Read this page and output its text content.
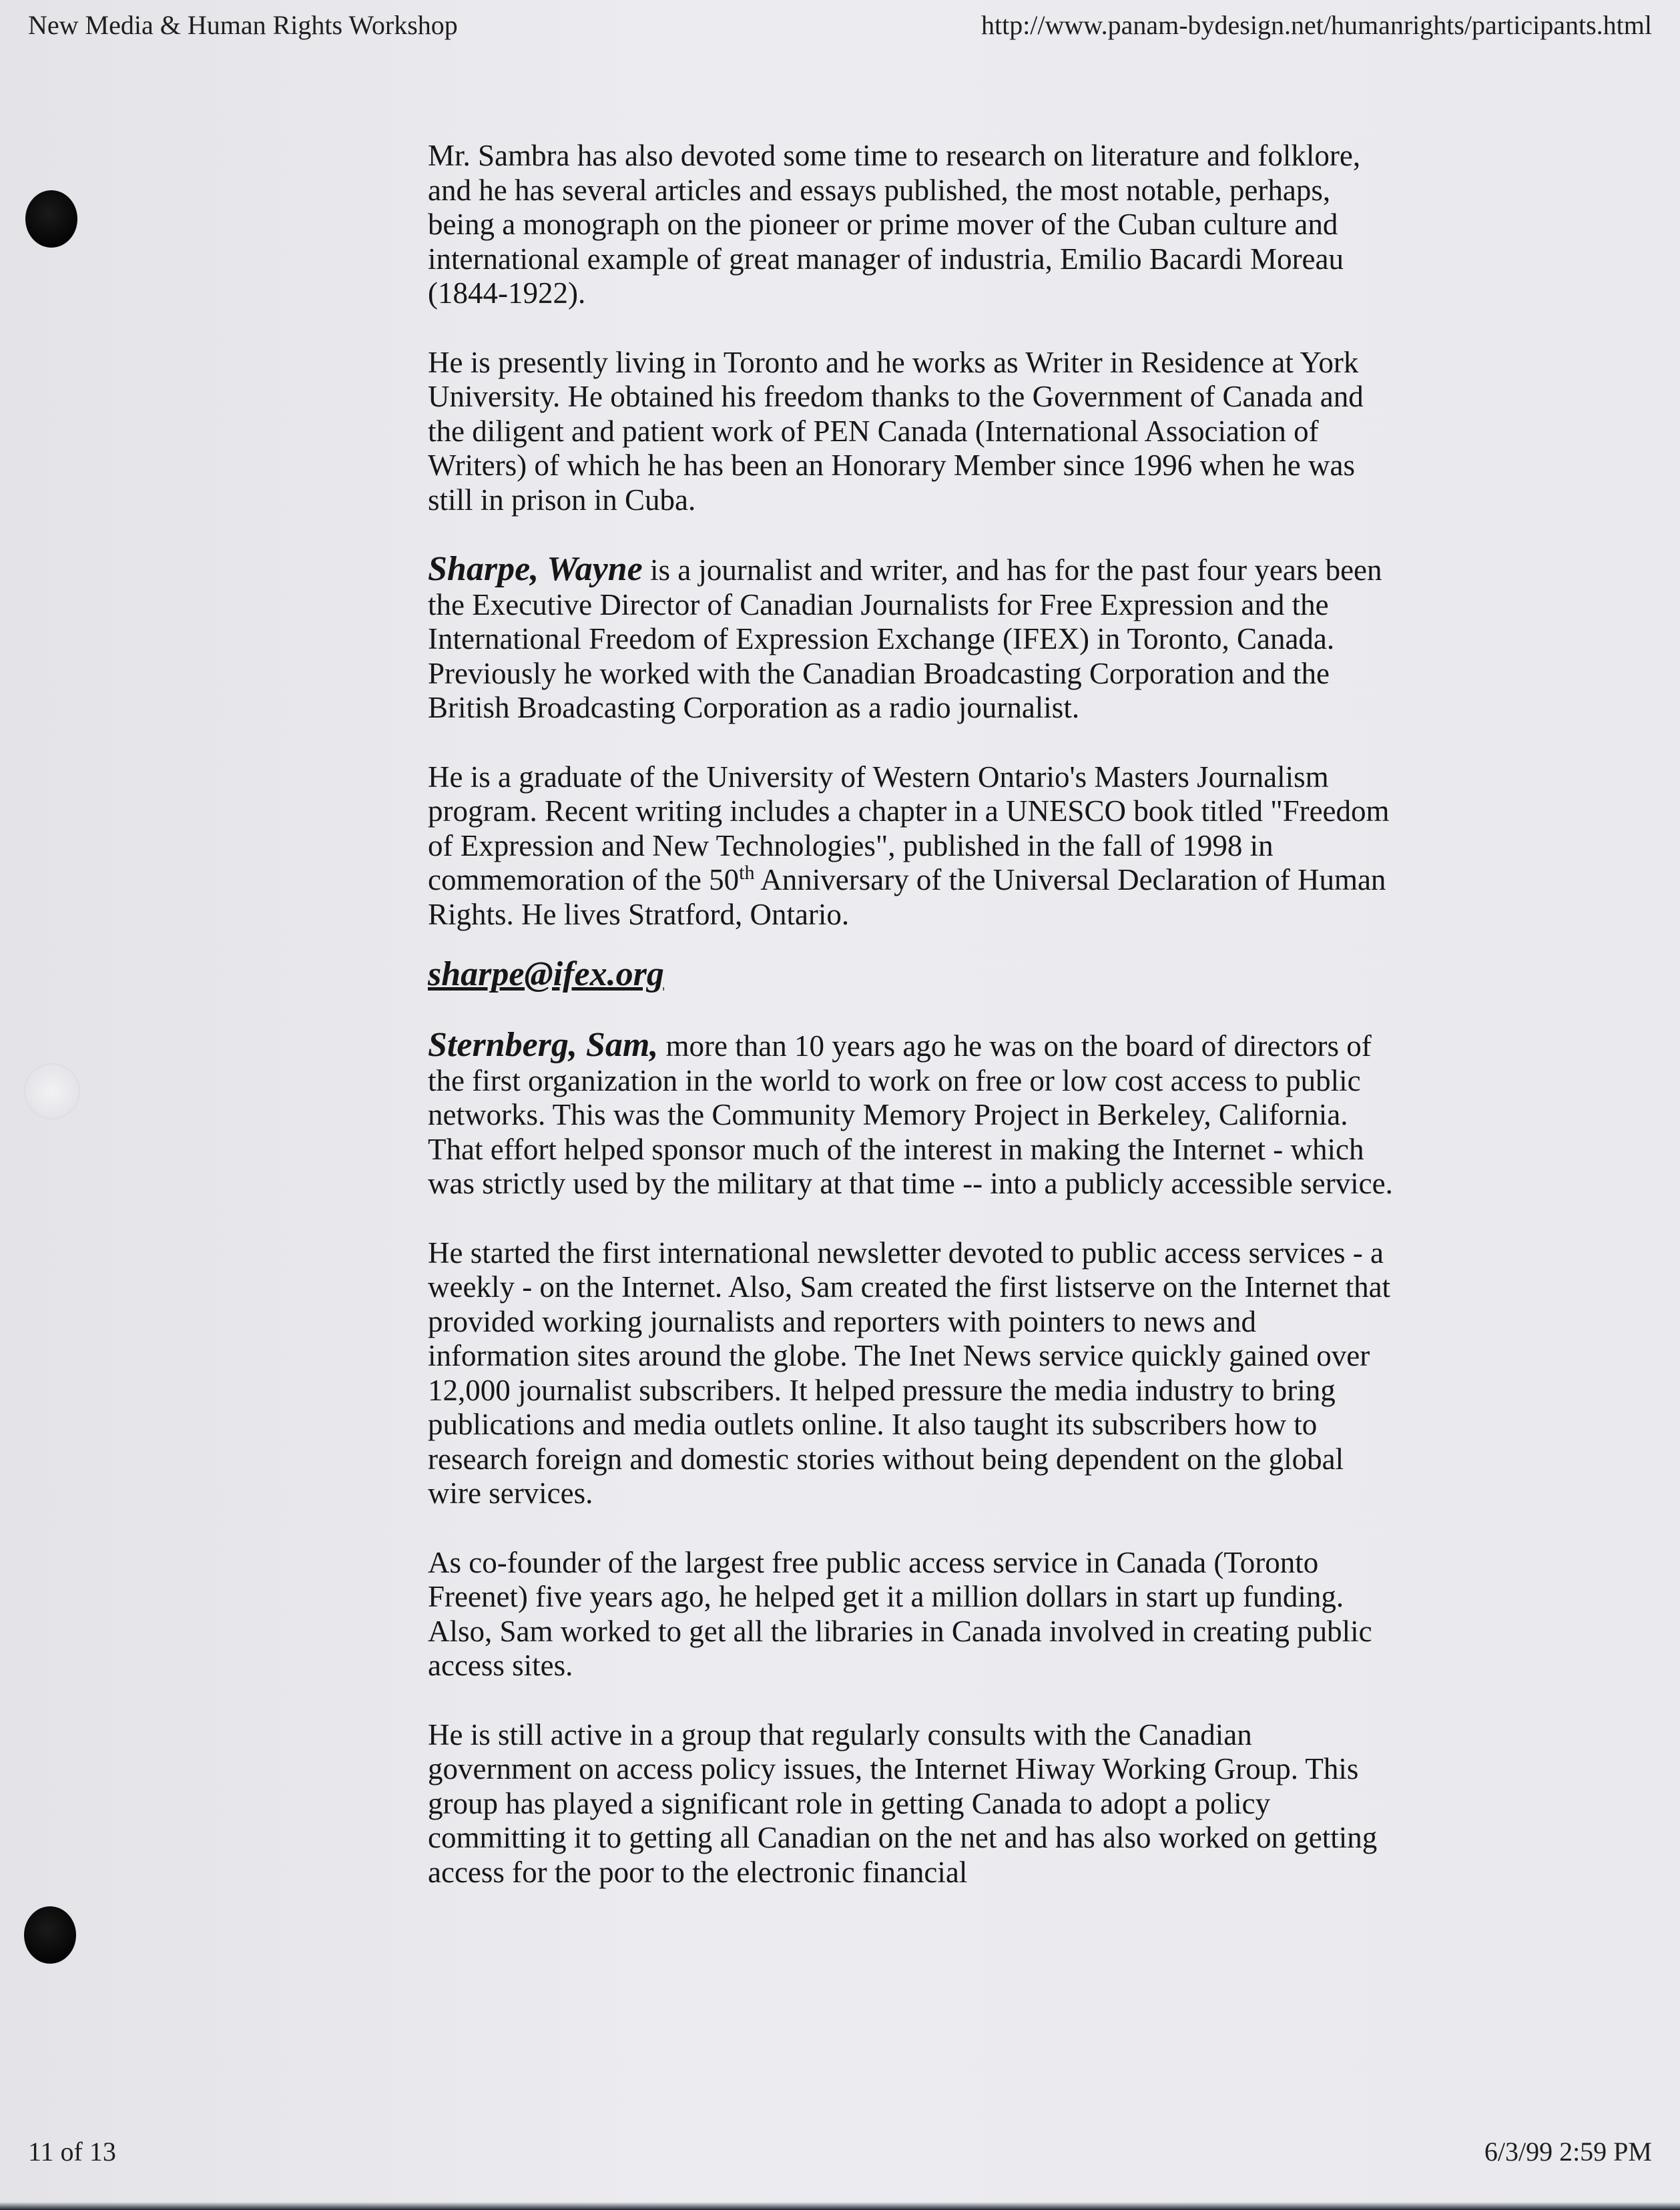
New Media & Human Rights Workshop	http://www.panam-bydesign.net/humanrights/participants.html

Mr. Sambra has also devoted some time to research on literature and folklore, and he has several articles and essays published, the most notable, perhaps, being a monograph on the pioneer or prime mover of the Cuban culture and international example of great manager of industria, Emilio Bacardi Moreau (1844-1922).

He is presently living in Toronto and he works as Writer in Residence at York University. He obtained his freedom thanks to the Government of Canada and the diligent and patient work of PEN Canada (International Association of Writers) of which he has been an Honorary Member since 1996 when he was still in prison in Cuba.

Sharpe, Wayne is a journalist and writer, and has for the past four years been the Executive Director of Canadian Journalists for Free Expression and the International Freedom of Expression Exchange (IFEX) in Toronto, Canada. Previously he worked with the Canadian Broadcasting Corporation and the British Broadcasting Corporation as a radio journalist.

He is a graduate of the University of Western Ontario's Masters Journalism program. Recent writing includes a chapter in a UNESCO book titled "Freedom of Expression and New Technologies", published in the fall of 1998 in commemoration of the 50th Anniversary of the Universal Declaration of Human Rights. He lives Stratford, Ontario.

sharpe@ifex.org

Sternberg, Sam, more than 10 years ago he was on the board of directors of the first organization in the world to work on free or low cost access to public networks. This was the Community Memory Project in Berkeley, California. That effort helped sponsor much of the interest in making the Internet - which was strictly used by the military at that time -- into a publicly accessible service.

He started the first international newsletter devoted to public access services - a weekly - on the Internet. Also, Sam created the first listserve on the Internet that provided working journalists and reporters with pointers to news and information sites around the globe. The Inet News service quickly gained over 12,000 journalist subscribers. It helped pressure the media industry to bring publications and media outlets online. It also taught its subscribers how to research foreign and domestic stories without being dependent on the global wire services.

As co-founder of the largest free public access service in Canada (Toronto Freenet) five years ago, he helped get it a million dollars in start up funding. Also, Sam worked to get all the libraries in Canada involved in creating public access sites.

He is still active in a group that regularly consults with the Canadian government on access policy issues, the Internet Hiway Working Group. This group has played a significant role in getting Canada to adopt a policy committing it to getting all Canadian on the net and has also worked on getting access for the poor to the electronic financial

11 of 13	6/3/99 2:59 PM
